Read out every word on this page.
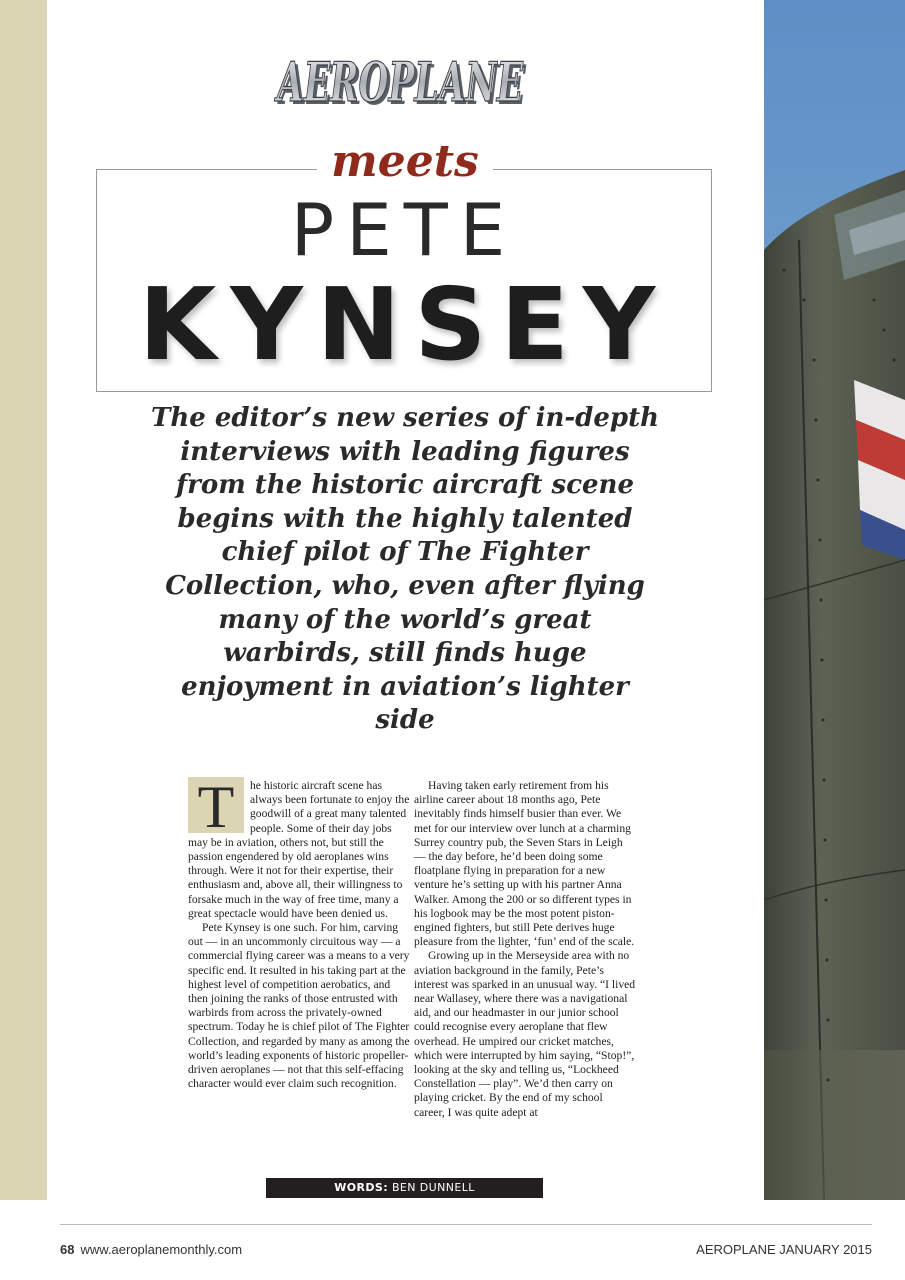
AEROPLANE
AEROPLANE
meets
PETE
KYNSEY

The editor’s new series of in-depth interviews with leading figures from the historic aircraft scene begins with the highly talented chief pilot of The Fighter Collection, who, even after flying many of the world’s great warbirds, still finds huge enjoyment in aviation’s lighter side

T	he historic aircraft scene has always been fortunate to enjoy the goodwill of a great many talented people. Some of their day jobs may be in aviation, others not, but still the passion engendered by old aeroplanes wins through. Were it not for their expertise, their enthusiasm and, above all, their willingness to forsake much in the way of free time, many a great spectacle would have been denied us.

Pete Kynsey is one such. For him, carving out — in an uncommonly circuitous way — a commercial flying career was a means to a very specific end. It resulted in his taking part at the highest level of competition aerobatics, and then joining the ranks of those entrusted with warbirds from across the privately-owned spectrum. Today he is chief pilot of The Fighter Collection, and regarded by many as among the world’s leading exponents of historic propeller-driven aeroplanes — not that this self-effacing character would ever claim such recognition.

Having taken early retirement from his airline career about 18 months ago, Pete inevitably finds himself busier than ever. We met for our interview over lunch at a charming Surrey country pub, the Seven Stars in Leigh — the day before, he’d been doing some floatplane flying in preparation for a new venture he’s setting up with his partner Anna Walker. Among the 200 or so different types in his logbook may be the most potent piston-engined fighters, but still Pete derives huge pleasure from the lighter, ‘fun’ end of the scale.

Growing up in the Merseyside area with no aviation background in the family, Pete’s interest was sparked in an unusual way. “I lived near Wallasey, where there was a navigational aid, and our headmaster in our junior school could recognise every aeroplane that flew overhead. He umpired our cricket matches, which were interrupted by him saying, “Stop!”, looking at the sky and telling us, “Lockheed Constellation — play”. We’d then carry on playing cricket. By the end of my school career, I was quite adept at

WORDS: BEN DUNNELL
68 www.aeroplanemonthly.com	AEROPLANE JANUARY 2015
